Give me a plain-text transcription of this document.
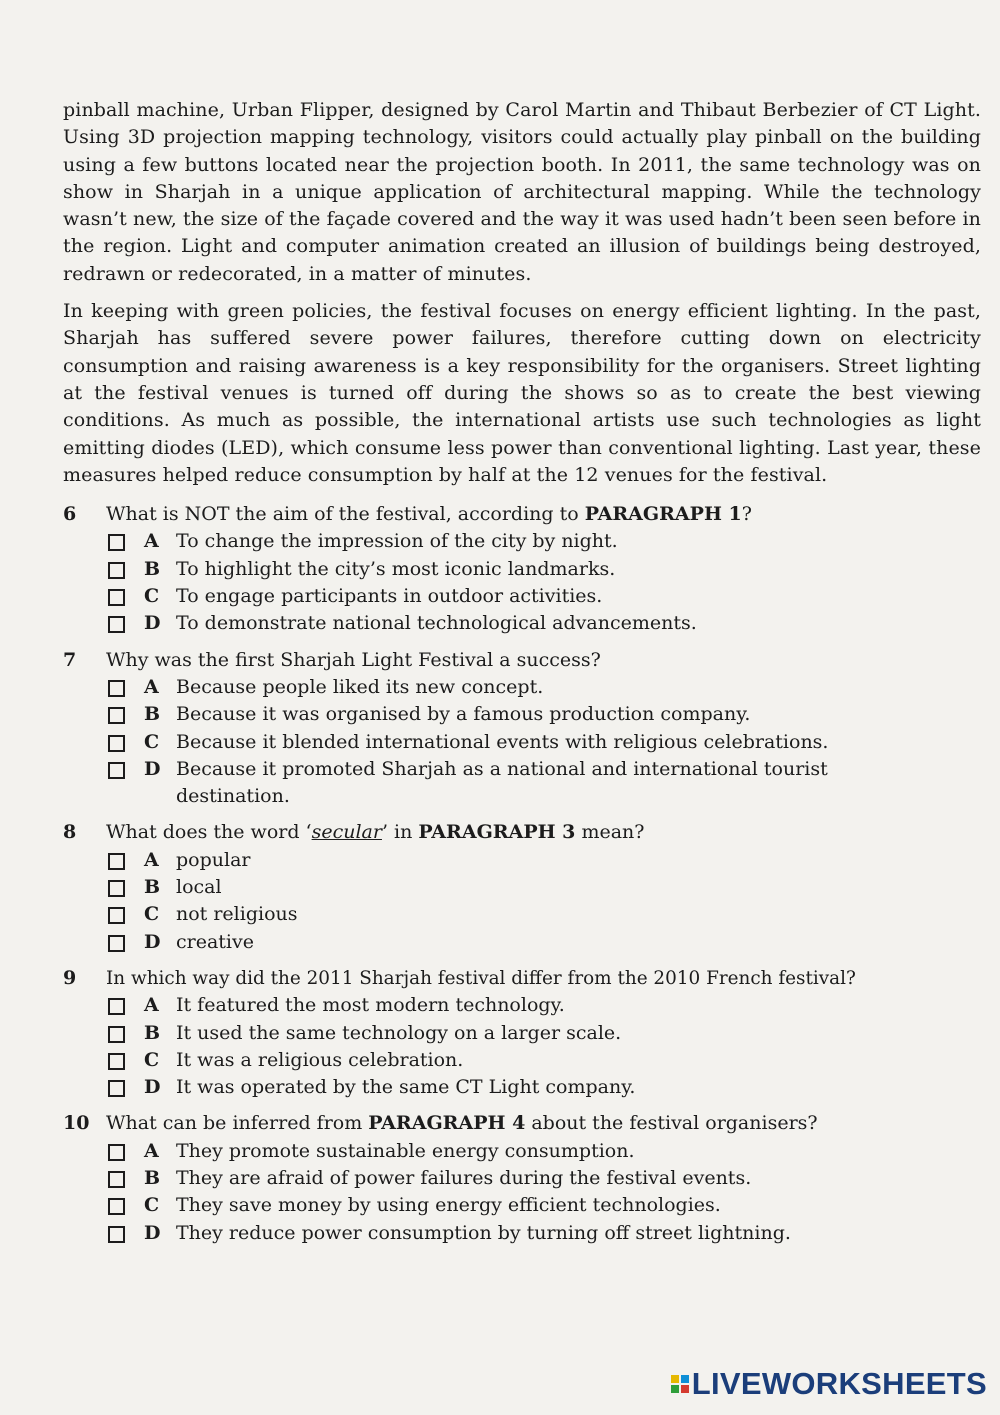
pinball machine, Urban Flipper, designed by Carol Martin and Thibaut Berbezier of CT Light. Using 3D projection mapping technology, visitors could actually play pinball on the building using a few buttons located near the projection booth. In 2011, the same technology was on show in Sharjah in a unique application of architectural mapping. While the technology wasn’t new, the size of the façade covered and the way it was used hadn’t been seen before in the region. Light and computer animation created an illusion of buildings being destroyed, redrawn or redecorated, in a matter of minutes.

In keeping with green policies, the festival focuses on energy efficient lighting. In the past, Sharjah has suffered severe power failures, therefore cutting down on electricity consumption and raising awareness is a key responsibility for the organisers. Street lighting at the festival venues is turned off during the shows so as to create the best viewing conditions. As much as possible, the international artists use such technologies as light emitting diodes (LED), which consume less power than conventional lighting. Last year, these measures helped reduce consumption by half at the 12 venues for the festival.

6	What is NOT the aim of the festival, according to PARAGRAPH 1?
A To change the impression of the city by night.
B To highlight the city’s most iconic landmarks.
C To engage participants in outdoor activities.
D To demonstrate national technological advancements.
7	Why was the first Sharjah Light Festival a success?
A Because people liked its new concept.
B Because it was organised by a famous production company.
C Because it blended international events with religious celebrations.
D Because it promoted Sharjah as a national and international tourist destination.
8	What does the word ‘secular’ in PARAGRAPH 3 mean?
A popular
B local
C not religious
D creative
9	In which way did the 2011 Sharjah festival differ from the 2010 French festival?
A It featured the most modern technology.
B It used the same technology on a larger scale.
C It was a religious celebration.
D It was operated by the same CT Light company.
10 What can be inferred from PARAGRAPH 4 about the festival organisers?
A They promote sustainable energy consumption.
B They are afraid of power failures during the festival events.
C They save money by using energy efficient technologies.
D They reduce power consumption by turning off street lightning.
LIVEWORKSHEETS
